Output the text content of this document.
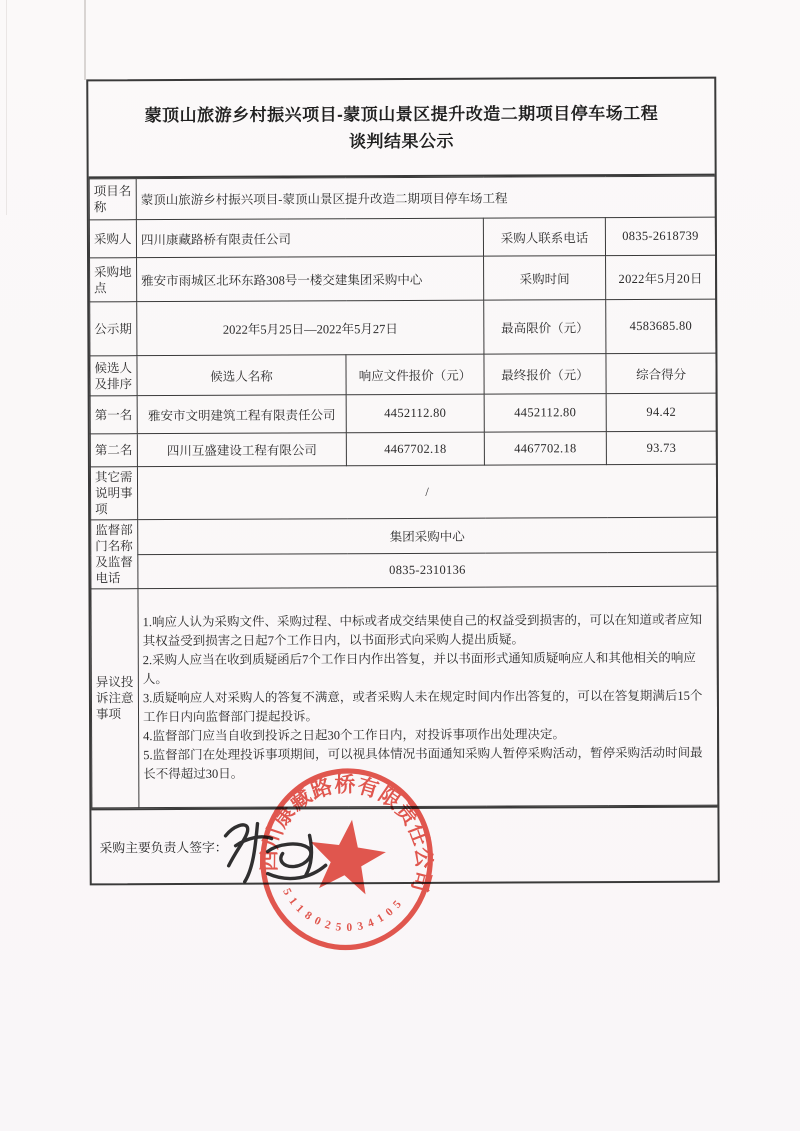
蒙顶山旅游乡村振兴项目-蒙顶山景区提升改造二期项目停车场工程
谈判结果公示
项目名称	蒙顶山旅游乡村振兴项目-蒙顶山景区提升改造二期项目停车场工程			
采购人	四川康藏路桥有限责任公司		采购人联系电话	0835-2618739
采购地点	雅安市雨城区北环东路308号一楼交建集团采购中心		采购时间	2022年5月20日
公示期	2022年5月25日—2022年5月27日		最高限价（元）	4583685.80
候选人及排序	候选人名称	响应文件报价（元）	最终报价（元）	综合得分
第一名	雅安市文明建筑工程有限责任公司	4452112.80	4452112.80	94.42
第二名	四川互盛建设工程有限公司	4467702.18	4467702.18	93.73
其它需说明事项	/			
监督部门名称及监督电话	集团采购中心			
	0835-2310136			
异议投诉注意事项	1.响应人认为采购文件、采购过程、中标或者成交结果使自己的权益受到损害的，可以在知道或者应知其权益受到损害之日起7个工作日内，以书面形式向采购人提出质疑。
2.采购人应当在收到质疑函后7个工作日内作出答复，并以书面形式通知质疑响应人和其他相关的响应人。
3.质疑响应人对采购人的答复不满意，或者采购人未在规定时间内作出答复的，可以在答复期满后15个工作日内向监督部门提起投诉。
4.监督部门应当自收到投诉之日起30个工作日内，对投诉事项作出处理决定。
5.监督部门在处理投诉事项期间，可以视具体情况书面通知采购人暂停采购活动，暂停采购活动时间最长不得超过30日。			
采购主要负责人签字：
四川康藏路桥有限责任公司
5118025034105
